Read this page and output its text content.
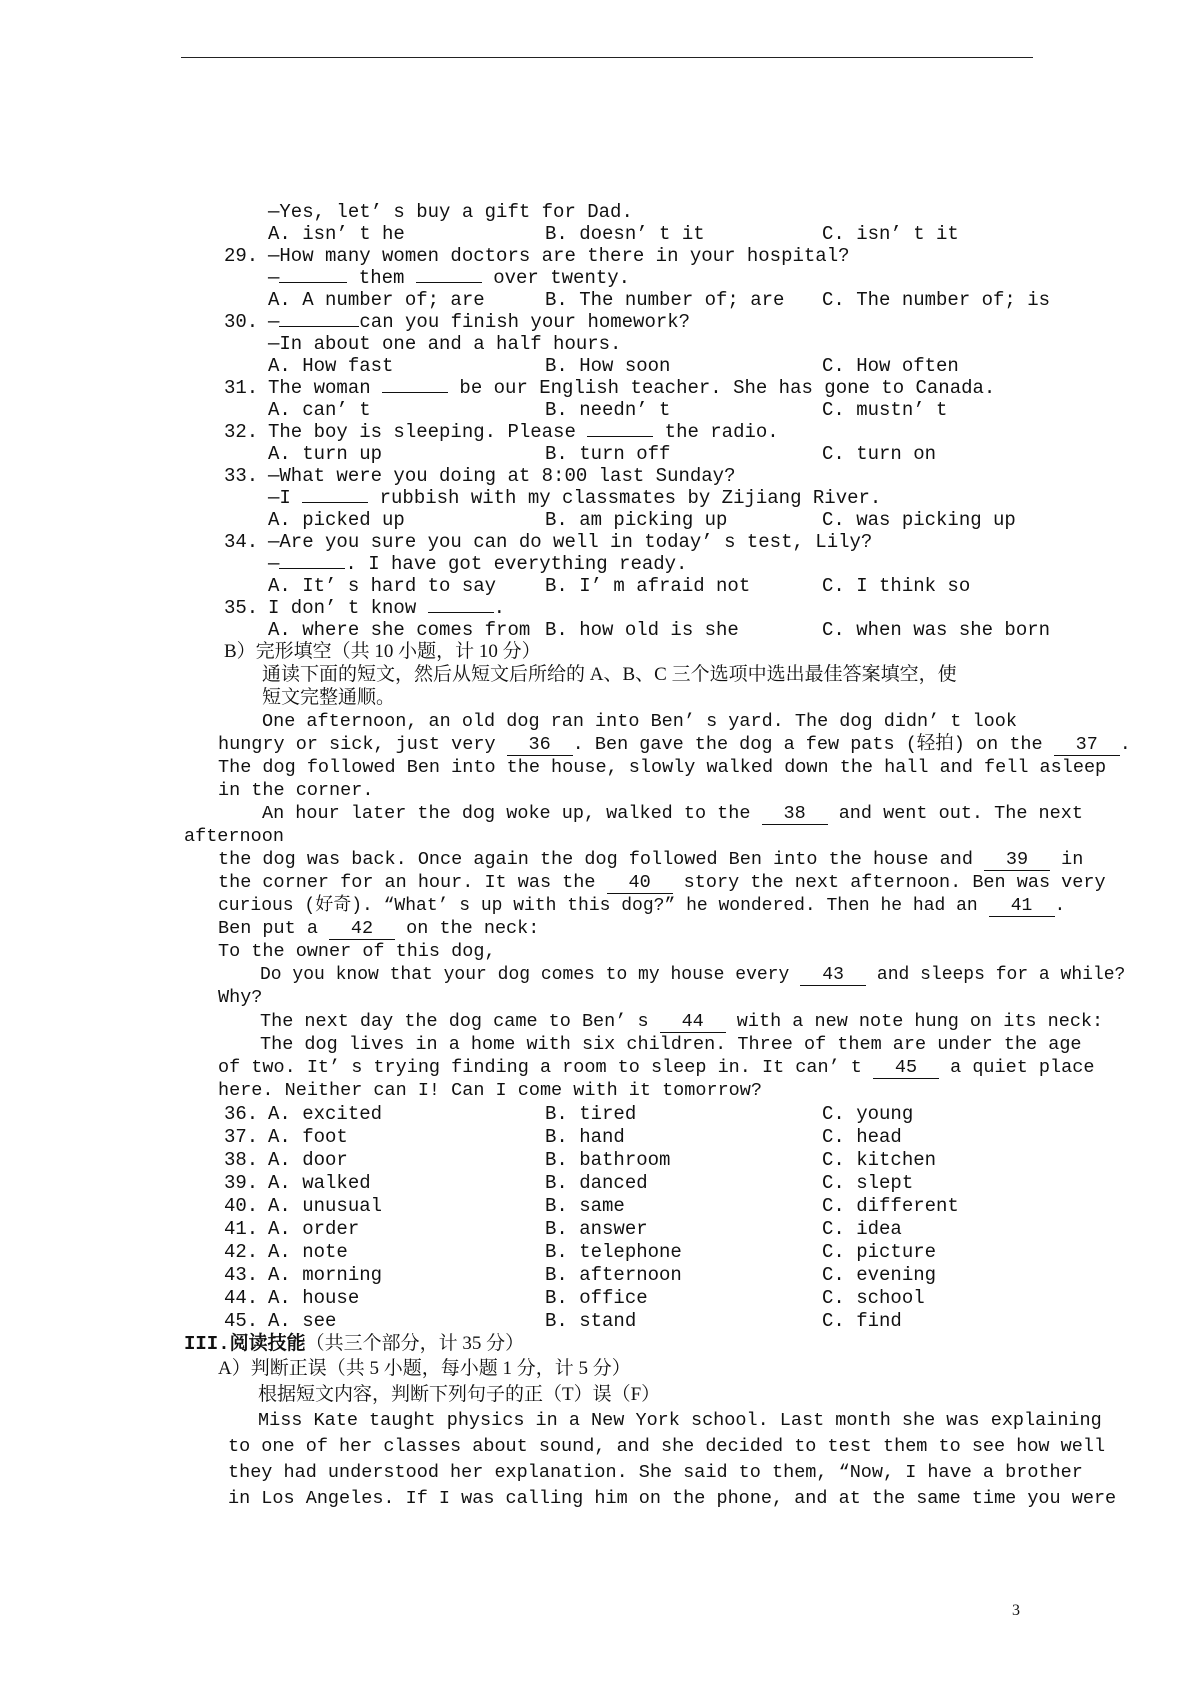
—Yes, let’ s buy a gift for Dad.
A. isn’ t he	B. doesn’ t it	C. isn’ t it
29. —How many women doctors are there in your hospital?
—	them	over twenty.
A. A number of; are	B. The number of; are C. The number of; is
30. —	can you finish your homework?
—In about one and a half hours.
A. How fast	B. How soon	C. How often
31. The woman	be our English teacher. She has gone to Canada.
A. can’ t	B. needn’ t	C. mustn’ t
32. The boy is sleeping. Please	the radio.
A. turn up	B. turn off	C. turn on
33. —What were you doing at 8:00 last Sunday?
—I	rubbish with my classmates by Zijiang River.
A. picked up	B. am picking up	C. was picking up
34. —Are you sure you can do well in today’ s test, Lily?
—	. I have got everything ready.
A. It’ s hard to say	B. I’ m afraid not	C. I think so
35. I don’ t know	.
A. where she comes from B. how old is she	C. when was she born
B）完形填空（共 10 小题，计 10 分）
通读下面的短文，然后从短文后所给的 A、B、C 三个选项中选出最佳答案填空，使
短文完整通顺。
One afternoon, an old dog ran into Ben’ s yard. The dog didn’ t look
hungry or sick, just very 36 . Ben gave the dog a few pats (轻拍) on the 37 .
The dog followed Ben into the house, slowly walked down the hall and fell asleep
in the corner.
An hour later the dog woke up, walked to the 38 and went out. The next
afternoon
the dog was back. Once again the dog followed Ben into the house and 39 in
the corner for an hour. It was the 40 story the next afternoon. Ben was very
curious (好奇). “What’ s up with this dog?” he wondered. Then he had an 41 .
Ben put a 42 on the neck:
To the owner of this dog,
Do you know that your dog comes to my house every 43 and sleeps for a while?
Why?
The next day the dog came to Ben’ s 44 with a new note hung on its neck:
The dog lives in a home with six children. Three of them are under the age
of two. It’ s trying finding a room to sleep in. It can’ t 45 a quiet place
here. Neither can I! Can I come with it tomorrow?
36. A. excited	B. tired	C. young
37. A. foot	B. hand	C. head
38. A. door	B. bathroom	C. kitchen
39. A. walked	B. danced	C. slept
40. A. unusual	B. same	C. different
41. A. order	B. answer	C. idea
42. A. note	B. telephone	C. picture
43. A. morning	B. afternoon	C. evening
44. A. house	B. office	C. school
45. A. see	B. stand	C. find
III.阅读技能（共三个部分，计 35 分）
A）判断正误（共 5 小题，每小题 1 分，计 5 分）
根据短文内容，判断下列句子的正（T）误（F）
Miss Kate taught physics in a New York school. Last month she was explaining
to one of her classes about sound, and she decided to test them to see how well
they had understood her explanation. She said to them, “Now, I have a brother
in Los Angeles. If I was calling him on the phone, and at the same time you were
3
